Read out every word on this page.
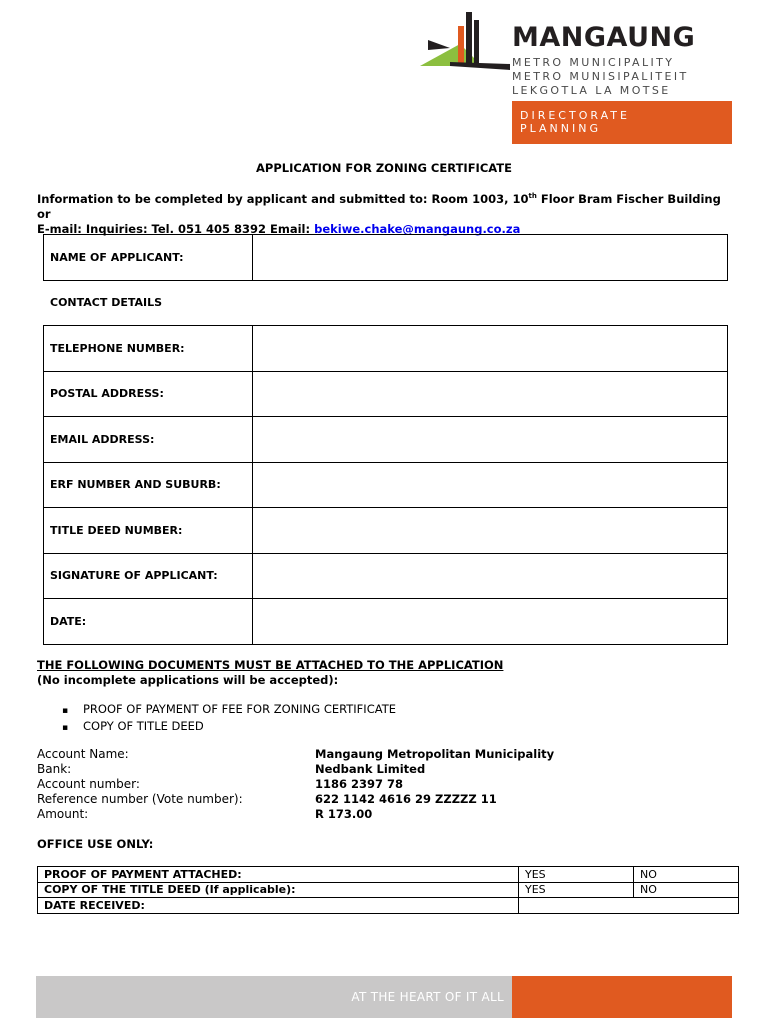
MANGAUNG
METRO MUNICIPALITY
METRO MUNISIPALITEIT
LEKGOTLA LA MOTSE
DIRECTORATE
PLANNING
APPLICATION FOR ZONING CERTIFICATE
Information to be completed by applicant and submitted to: Room 1003, 10th Floor Bram Fischer Building or
E-mail: Inquiries: Tel. 051 405 8392 Email: bekiwe.chake@mangaung.co.za
NAME OF APPLICANT:	
CONTACT DETAILS
TELEPHONE NUMBER:	
POSTAL ADDRESS:	
EMAIL ADDRESS:	
ERF NUMBER AND SUBURB:	
TITLE DEED NUMBER:	
SIGNATURE OF APPLICANT:	
DATE:	
THE FOLLOWING DOCUMENTS MUST BE ATTACHED TO THE APPLICATION
(No incomplete applications will be accepted):
▪ PROOF OF PAYMENT OF FEE FOR ZONING CERTIFICATE
▪ COPY OF TITLE DEED
Account Name:	Mangaung Metropolitan Municipality
Bank:	Nedbank Limited
Account number:	1186 2397 78
Reference number (Vote number):	622 1142 4616 29 ZZZZZ 11
Amount:	R 173.00
OFFICE USE ONLY:
PROOF OF PAYMENT ATTACHED:	YES	NO
COPY OF THE TITLE DEED (If applicable):	YES	NO
DATE RECEIVED:		
AT THE HEART OF IT ALL
